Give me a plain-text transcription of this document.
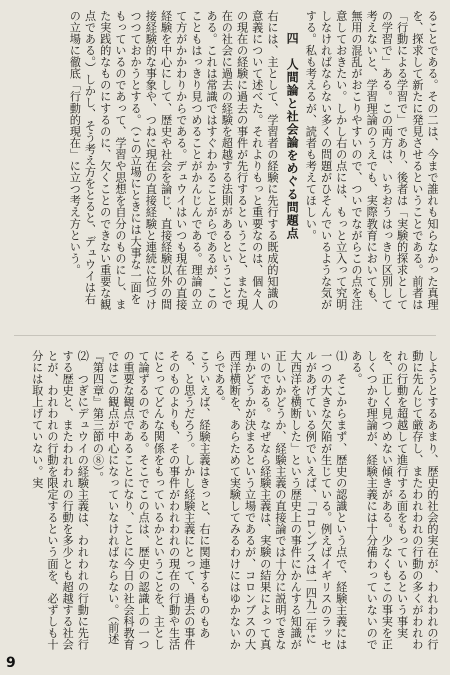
ることである。その二は、今まで誰れも知らなかった真理を、探求して新たに発見させるということである。前者は「行動による学習で」であり、後者は「実験的探求としての学習で」ある。この両方は、いちおうはっきり区別して考えないと、学習理論のうえでも、実際教育においても、無用の混乱がおこりやすいので、ついでながらこの点を注意しておきたい。しかし右の点には、もっと立入って究明しなければならない多くの問題がひそんでいるような気がする。私も考えるが、読者も考えてほしい。

四　人間論と社会論をめぐる問題点

右には、主として、学習者の経験に先行する既成的知識の意義について述べた。それよりもっと重要なのは、個々人の現在の経験に過去の事件が先行するということ、また現在の社会に過去の経験を超越する法則があるということである。これは常識ではすぐわかることがらであるが、このこともはっきり見つめることがかんじんである。理論の立て方がかかわりからである。デュウイはいつも現在の直接経験を中心にして、歴史や社会を論じ、直接経験以外の間接経験的な事象や、つねに現在の直接経験と連続に位づけつつておかうとする。（この立場にときには大事な一面をもっているのであって、学習や思想を自分のものにし、また実践的なものにするのに、欠くことのできない重要な観点である。）しかし、そう考え方をとると、デュウイは右の立場に徹底「行動的現在」に立つ考え方という。

しようとするあまり、歴史的社会的実在が、われわれの行動に先んじて厳存し、またわれわれの行動の多くがわれわれの行動を超越して進行する面をもっているという事実を、正しく見つめない傾きがある。少なくもこの事実を正しくつかむ理論が、経験主義には十分備わっていないのである。

⑴　そこからまず、歴史の認識という点で、経験主義には一つの大きな欠陥が生じている。例えばイギリスのラッセルがあげている例でいえば、「コロンブスは一四九二年に大西洋を横断した」という歴史上の事件にかんする知識が正しいかどうか、経験主義の直接論では十分に説明できないのである。なぜなら経験主義は、実験の結果によって真理かどうかが決まるという立場であるが、コロンブスの大西洋横断を、あらためて実験してみるわけにはゆかないからである。

こういえば、経験主義はきっと、右に関連するものもある、と思うだろう。しかし経験主義にとって、過去の事件そのものよりも、その事件がわれわれの現在の行動や生活にとってどんな関係をもっているかということを、主として論ずるのである。そこでこの点は、歴史の認識上の一つの重要な観点であることになり、ことに今日の社会科教育ではこの観点が中心になっていなければならない。（前述『第四章』第三節の⑧）。

⑵　つぎにデュウイの経験主義は、われわれの行動に先行する歴史と、またわれわれの行動を多少とも超越する社会とが、われわれの行動を限定するという面を、必ずしも十分には取上げていない。実

9
